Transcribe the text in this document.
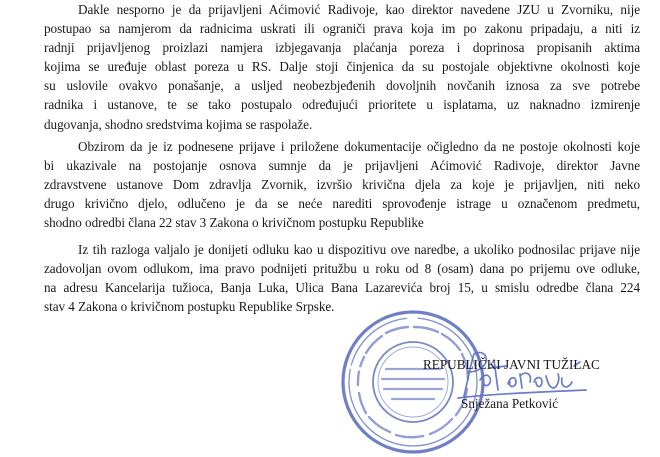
Dakle nesporno je da prijavljeni Aćimović Radivoje, kao direktor navedene JZU u Zvorniku, nije
postupao sa namjerom da radnicima uskrati ili ograniči prava koja im po zakonu pripadaju, a niti iz
radnji prijavljenog proizlazi namjera izbjegavanja plaćanja poreza i doprinosa propisanih aktima
kojima se uređuje oblast poreza u RS. Dalje stoji činjenica da su postojale objektivne okolnosti koje
su uslovile ovakvo ponašanje, a usljed neobezbjeđenih dovoljnih novčanih iznosa za sve potrebe
radnika i ustanove, te se tako postupalo određujući prioritete u isplatama, uz naknadno izmirenje
dugovanja, shodno sredstvima kojima se raspolaže.
Obzirom da je iz podnesene prijave i priložene dokumentacije očigledno da ne postoje okolnosti koje
bi ukazivale na postojanje osnova sumnje da je prijavljeni Aćimović Radivoje, direktor Javne
zdravstvene ustanove Dom zdravlja Zvornik, izvršio krivična djela za koje je prijavljen, niti neko
drugo krivično djelo, odlučeno je da se neće narediti sprovođenje istrage u označenom predmetu,
shodno odredbi člana 22 stav 3 Zakona o krivičnom postupku Republike
Iz tih razloga valjalo je donijeti odluku kao u dispozitivu ove naredbe, a ukoliko podnosilac prijave nije
zadovoljan ovom odlukom, ima pravo podnijeti pritužbu u roku od 8 (osam) dana po prijemu ove odluke,
na adresu Kancelarija tužioca, Banja Luka, Ulica Bana Lazarevića broj 15, u smislu odredbe člana 224
stav 4 Zakona o krivičnom postupku Republike Srpske.
REPUBLIČKI JAVNI TUŽILAC
Snježana Petković
